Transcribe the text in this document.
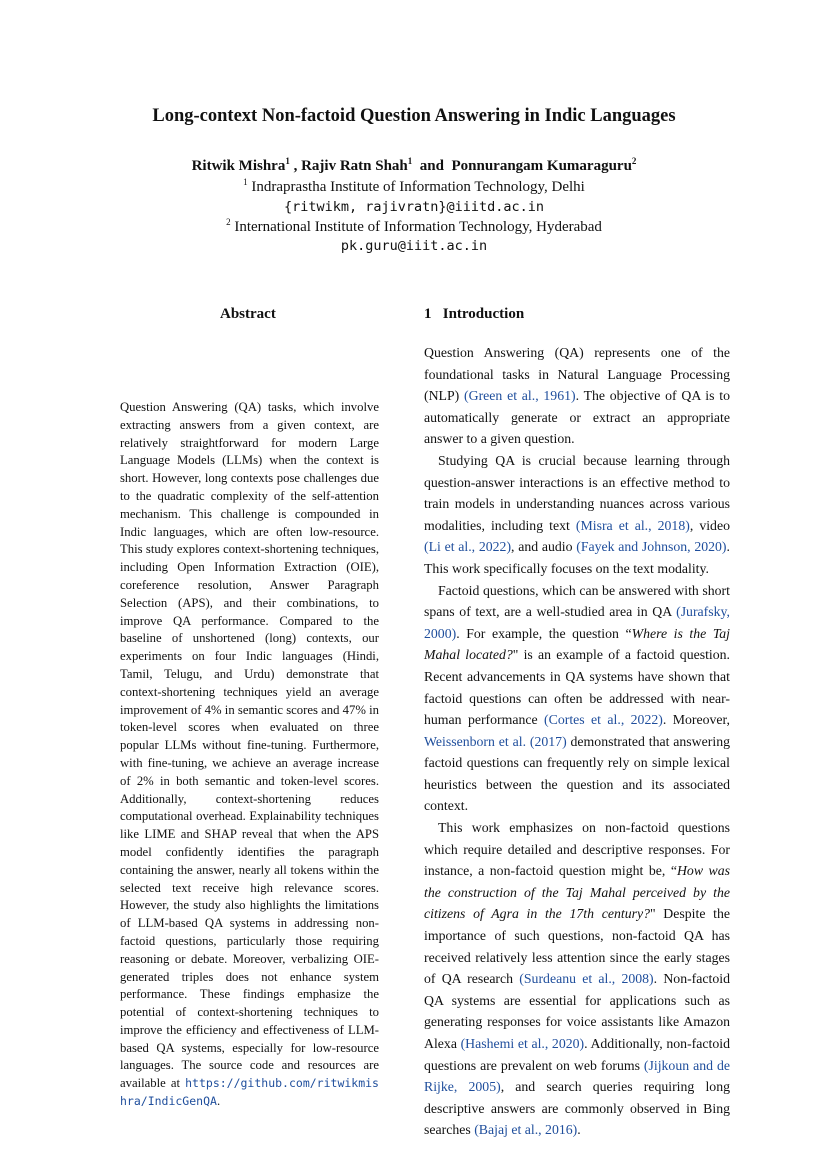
Long-context Non-factoid Question Answering in Indic Languages
Ritwik Mishra$^1$ , Rajiv Ratn Shah$^1$  and  Ponnurangam Kumaraguru$^2$
$^1$ Indraprastha Institute of Information Technology, Delhi
{ritwikm, rajivratn}@iiitd.ac.in
$^2$ International Institute of Information Technology, Hyderabad
pk.guru@iiit.ac.in
Abstract	1 Introduction
Question Answering (QA) tasks, which involve extracting answers from a given context, are relatively straightforward for modern Large Language Models (LLMs) when the context is short. However, long contexts pose challenges due to the quadratic complexity of the self-attention mechanism. This challenge is compounded in Indic languages, which are often low-resource. This study explores context-shortening techniques, including Open Information Extraction (OIE), coreference resolution, Answer Paragraph Selection (APS), and their combinations, to improve QA performance. Compared to the baseline of unshortened (long) contexts, our experiments on four Indic languages (Hindi, Tamil, Telugu, and Urdu) demonstrate that context-shortening techniques yield an average improvement of 4% in semantic scores and 47% in token-level scores when evaluated on three popular LLMs without fine-tuning. Furthermore, with fine-tuning, we achieve an average increase of 2% in both semantic and token-level scores. Additionally, context-shortening reduces computational overhead. Explainability techniques like LIME and SHAP reveal that when the APS model confidently identifies the paragraph containing the answer, nearly all tokens within the selected text receive high relevance scores. However, the study also highlights the limitations of LLM-based QA systems in addressing non-factoid questions, particularly those requiring reasoning or debate. Moreover, verbalizing OIE-generated triples does not enhance system performance. These findings emphasize the potential of context-shortening techniques to improve the efficiency and effectiveness of LLM-based QA systems, especially for low-resource languages. The source code and resources are available at https://github.com/ritwikmishra/IndicGenQA.

Question Answering (QA) represents one of the foundational tasks in Natural Language Processing (NLP) (Green et al., 1961). The objective of QA is to automatically generate or extract an appropriate answer to a given question.

Studying QA is crucial because learning through question-answer interactions is an effective method to train models in understanding nuances across various modalities, including text (Misra et al., 2018), video (Li et al., 2022), and audio (Fayek and Johnson, 2020). This work specifically focuses on the text modality.

Factoid questions, which can be answered with short spans of text, are a well-studied area in QA (Jurafsky, 2000). For example, the question “Where is the Taj Mahal located?" is an example of a factoid question. Recent advancements in QA systems have shown that factoid questions can often be addressed with near-human performance (Cortes et al., 2022). Moreover, Weissenborn et al. (2017) demonstrated that answering factoid questions can frequently rely on simple lexical heuristics between the question and its associated context.

This work emphasizes on non-factoid questions which require detailed and descriptive responses. For instance, a non-factoid question might be, “How was the construction of the Taj Mahal perceived by the citizens of Agra in the 17th century?" Despite the importance of such questions, non-factoid QA has received relatively less attention since the early stages of QA research (Surdeanu et al., 2008). Non-factoid QA systems are essential for applications such as generating responses for voice assistants like Amazon Alexa (Hashemi et al., 2020). Additionally, non-factoid questions are prevalent on web forums (Jijkoun and de Rijke, 2005), and search queries requiring long descriptive answers are commonly observed in Bing searches (Bajaj et al., 2016).
